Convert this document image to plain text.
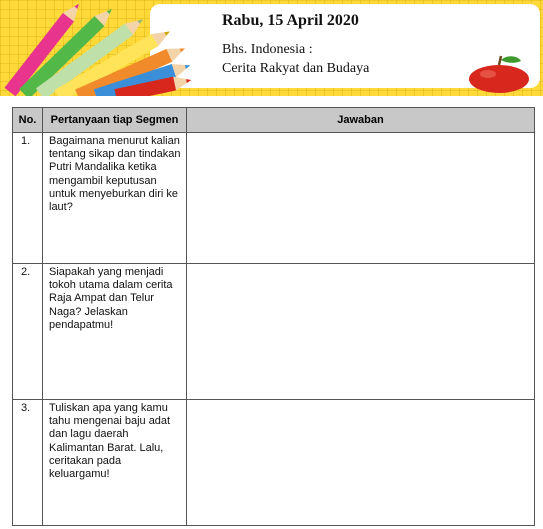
Rabu, 15 April 2020
Bhs. Indonesia :
Cerita Rakyat dan Budaya
No.	Pertanyaan tiap Segmen	Jawaban
1.	Bagaimana menurut kalian tentang sikap dan tindakan Putri Mandalika ketika mengambil keputusan untuk menyeburkan diri ke laut?	
2.	Siapakah yang menjadi tokoh utama dalam cerita Raja Ampat dan Telur Naga? Jelaskan pendapatmu!	
3.	Tuliskan apa yang kamu tahu mengenai baju adat dan lagu daerah Kalimantan Barat. Lalu, ceritakan pada keluargamu!	
